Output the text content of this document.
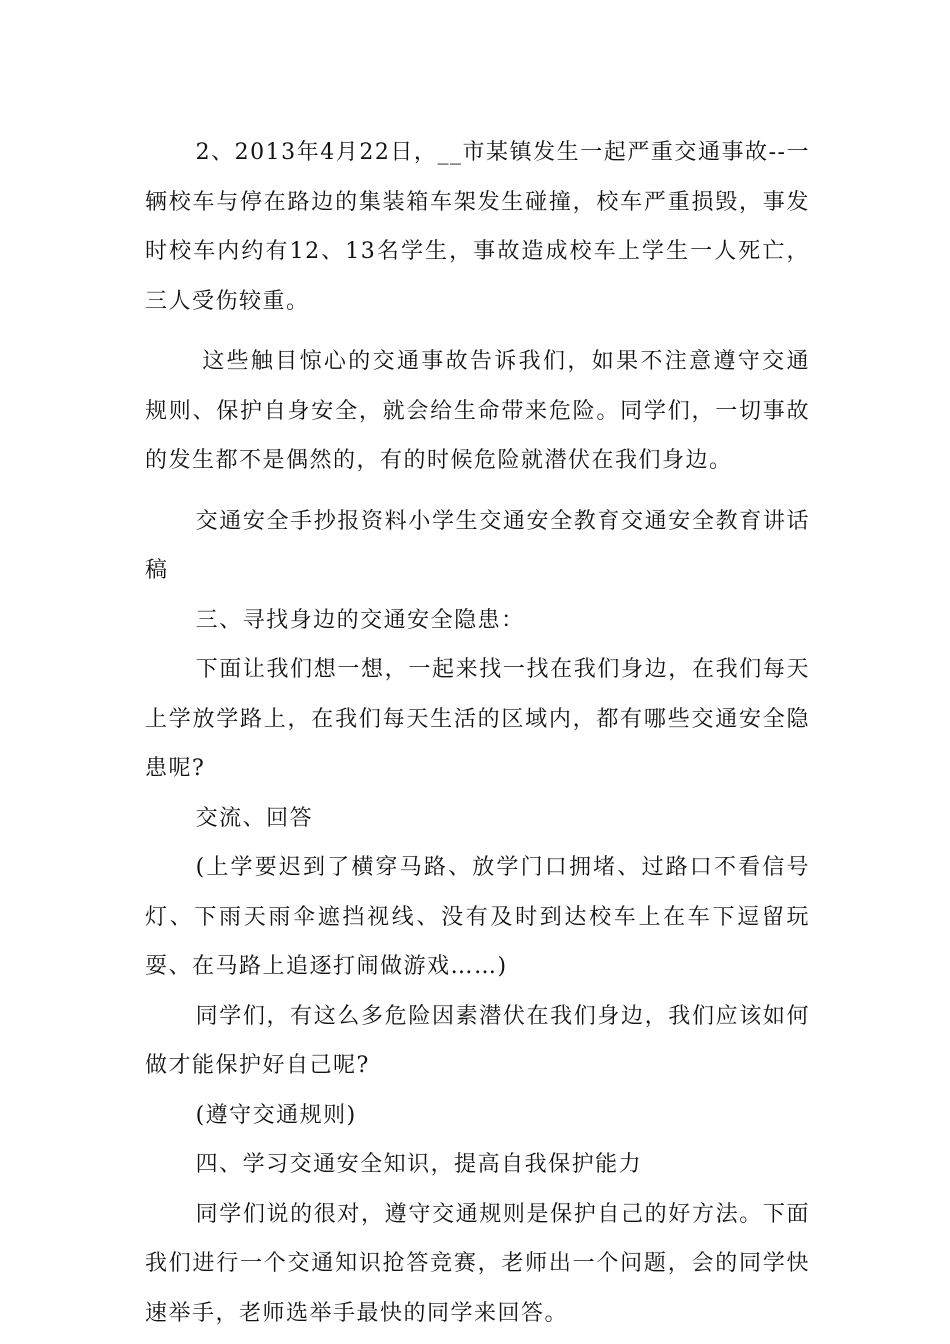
2、2013年4月22日，__市某镇发生一起严重交通事故--一辆校车与停在路边的集装箱车架发生碰撞，校车严重损毁，事发时校车内约有12、13名学生，事故造成校车上学生一人死亡，三人受伤较重。

这些触目惊心的交通事故告诉我们，如果不注意遵守交通规则、保护自身安全，就会给生命带来危险。同学们，一切事故的发生都不是偶然的，有的时候危险就潜伏在我们身边。

交通安全手抄报资料小学生交通安全教育交通安全教育讲话稿

三、寻找身边的交通安全隐患：

下面让我们想一想，一起来找一找在我们身边，在我们每天上学放学路上，在我们每天生活的区域内，都有哪些交通安全隐患呢?

交流、回答

(上学要迟到了横穿马路、放学门口拥堵、过路口不看信号灯、下雨天雨伞遮挡视线、没有及时到达校车上在车下逗留玩耍、在马路上追逐打闹做游戏……)

同学们，有这么多危险因素潜伏在我们身边，我们应该如何做才能保护好自己呢?

(遵守交通规则)

四、学习交通安全知识，提高自我保护能力

同学们说的很对，遵守交通规则是保护自己的好方法。下面我们进行一个交通知识抢答竞赛，老师出一个问题，会的同学快速举手，老师选举手最快的同学来回答。
